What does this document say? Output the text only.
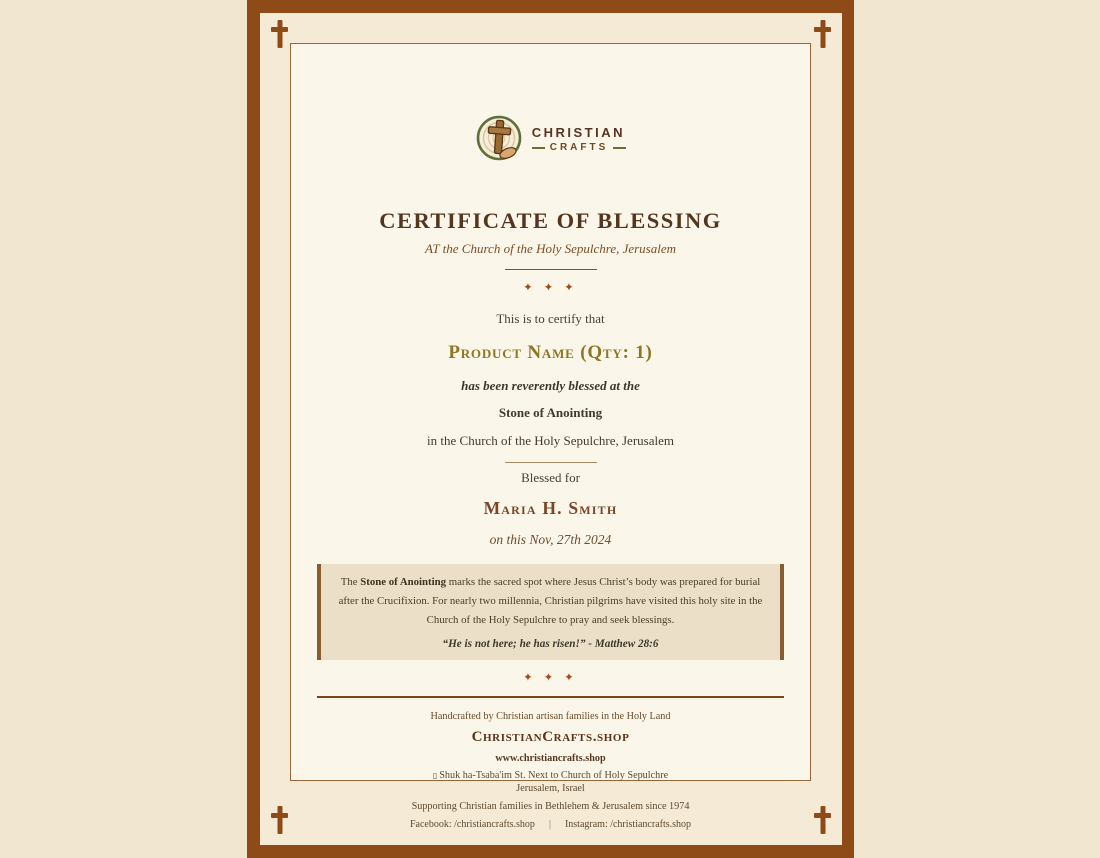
CHRISTIAN
CRAFTS
CERTIFICATE OF BLESSING
AT the Church of the Holy Sepulchre, Jerusalem
✦ ✦ ✦
This is to certify that
Product Name (Qty: 1)
has been reverently blessed at the
Stone of Anointing
in the Church of the Holy Sepulchre, Jerusalem
Blessed for
Maria H. Smith
on this Nov, 27th 2024
The Stone of Anointing marks the sacred spot where Jesus Christ’s body was prepared for burial after the Crucifixion. For nearly two millennia, Christian pilgrims have visited this holy site in the Church of the Holy Sepulchre to pray and seek blessings.
“He is not here; he has risen!” - Matthew 28:6
✦ ✦ ✦
Handcrafted by Christian artisan families in the Holy Land
ChristianCrafts.shop
www.christiancrafts.shop
▯ Shuk ha-Tsaba'im St. Next to Church of Holy Sepulchre
Jerusalem, Israel
Supporting Christian families in Bethlehem & Jerusalem since 1974
Facebook: /christiancrafts.shop | Instagram: /christiancrafts.shop
